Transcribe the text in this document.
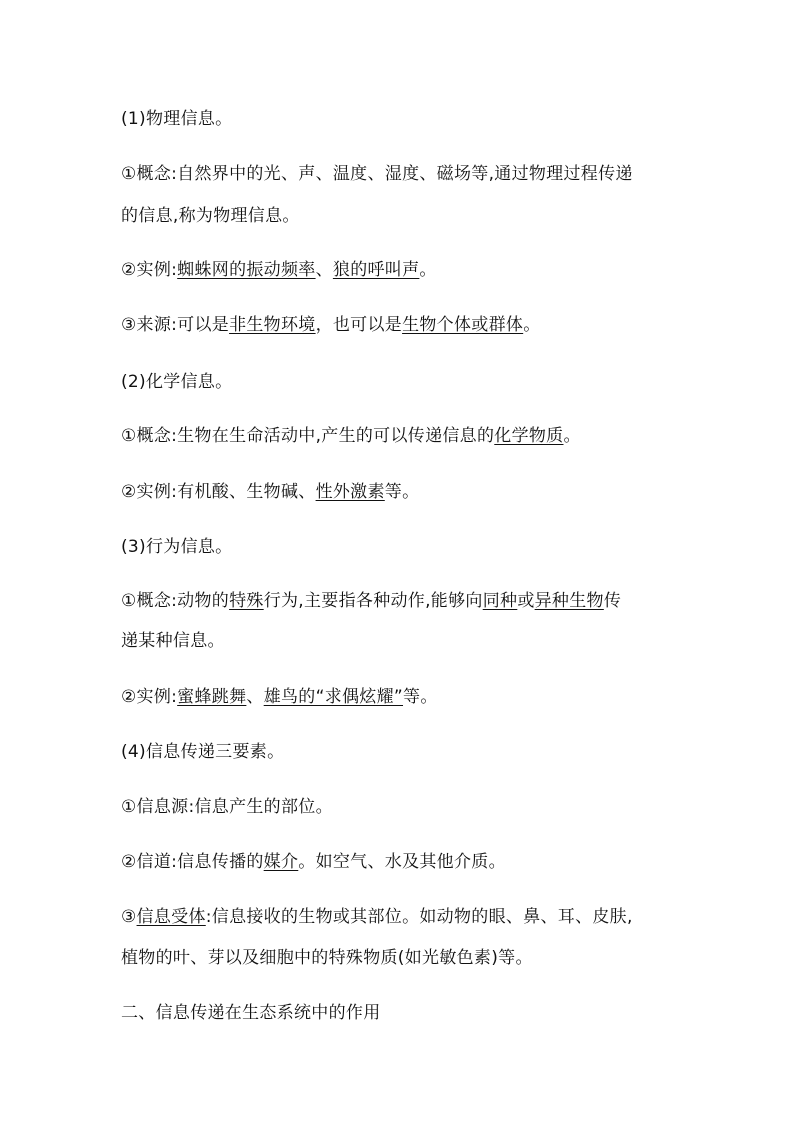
(1)物理信息。
①概念:自然界中的光、声、温度、湿度、磁场等,通过物理过程传递
的信息,称为物理信息。
②实例:蜘蛛网的振动频率、狼的呼叫声。
③来源:可以是非生物环境，也可以是生物个体或群体。
(2)化学信息。
①概念:生物在生命活动中,产生的可以传递信息的化学物质。
②实例:有机酸、生物碱、性外激素等。
(3)行为信息。
①概念:动物的特殊行为,主要指各种动作,能够向同种或异种生物传
递某种信息。
②实例:蜜蜂跳舞、雄鸟的“求偶炫耀”等。
(4)信息传递三要素。
①信息源:信息产生的部位。
②信道:信息传播的媒介。如空气、水及其他介质。
③信息受体:信息接收的生物或其部位。如动物的眼、鼻、耳、皮肤,
植物的叶、芽以及细胞中的特殊物质(如光敏色素)等。
二、信息传递在生态系统中的作用
